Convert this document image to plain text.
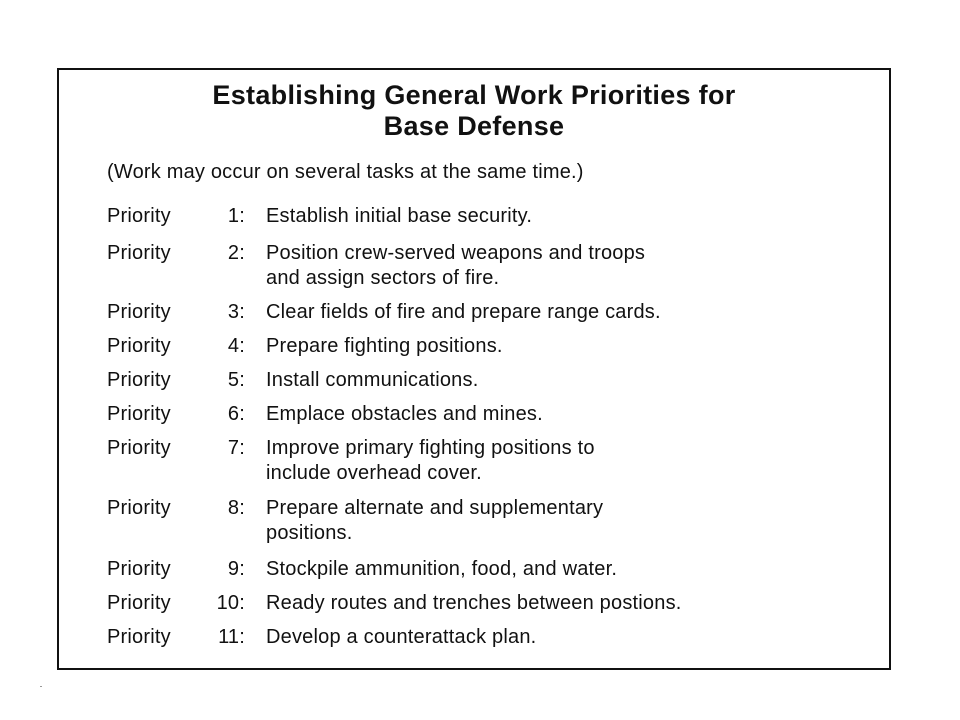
Establishing General Work Priorities for
Base Defense
(Work may occur on several tasks at the same time.)
Priority	1: Establish initial base security.
Priority	2: Position crew-served weapons and troops
and assign sectors of fire.
Priority	3: Clear fields of fire and prepare range cards.
Priority	4: Prepare fighting positions.
Priority	5: Install communications.
Priority	6: Emplace obstacles and mines.
Priority	7: Improve primary fighting positions to
include overhead cover.
Priority	8: Prepare alternate and supplementary
positions.
Priority	9: Stockpile ammunition, food, and water.
Priority 10: Ready routes and trenches between postions.
Priority	11: Develop a counterattack plan.
